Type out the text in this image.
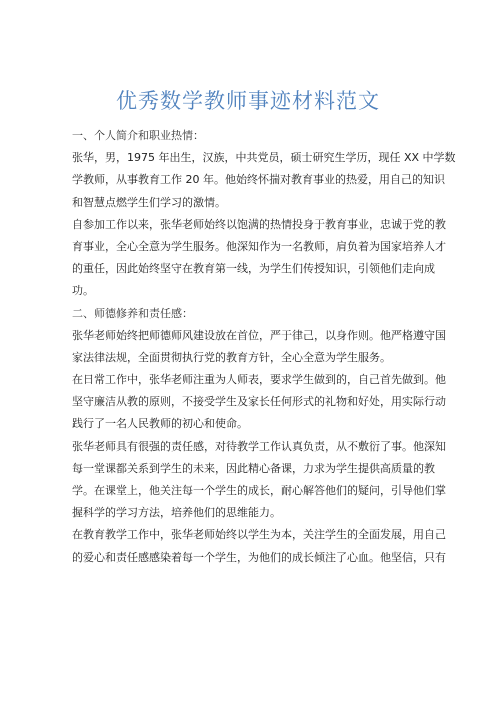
优秀数学教师事迹材料范文
一、个人简介和职业热情：
张华，男，1975 年出生，汉族，中共党员，硕士研究生学历，现任 XX 中学数
学教师，从事教育工作 20 年。他始终怀揣对教育事业的热爱，用自己的知识
和智慧点燃学生们学习的激情。
自参加工作以来，张华老师始终以饱满的热情投身于教育事业，忠诚于党的教
育事业，全心全意为学生服务。他深知作为一名教师，肩负着为国家培养人才
的重任，因此始终坚守在教育第一线，为学生们传授知识，引领他们走向成
功。
二、师德修养和责任感：
张华老师始终把师德师风建设放在首位，严于律己，以身作则。他严格遵守国
家法律法规，全面贯彻执行党的教育方针，全心全意为学生服务。
在日常工作中，张华老师注重为人师表，要求学生做到的，自己首先做到。他
坚守廉洁从教的原则，不接受学生及家长任何形式的礼物和好处，用实际行动
践行了一名人民教师的初心和使命。
张华老师具有很强的责任感，对待教学工作认真负责，从不敷衍了事。他深知
每一堂课都关系到学生的未来，因此精心备课，力求为学生提供高质量的教
学。在课堂上，他关注每一个学生的成长，耐心解答他们的疑问，引导他们掌
握科学的学习方法，培养他们的思维能力。
在教育教学工作中，张华老师始终以学生为本，关注学生的全面发展，用自己
的爱心和责任感感染着每一个学生，为他们的成长倾注了心血。他坚信，只有
